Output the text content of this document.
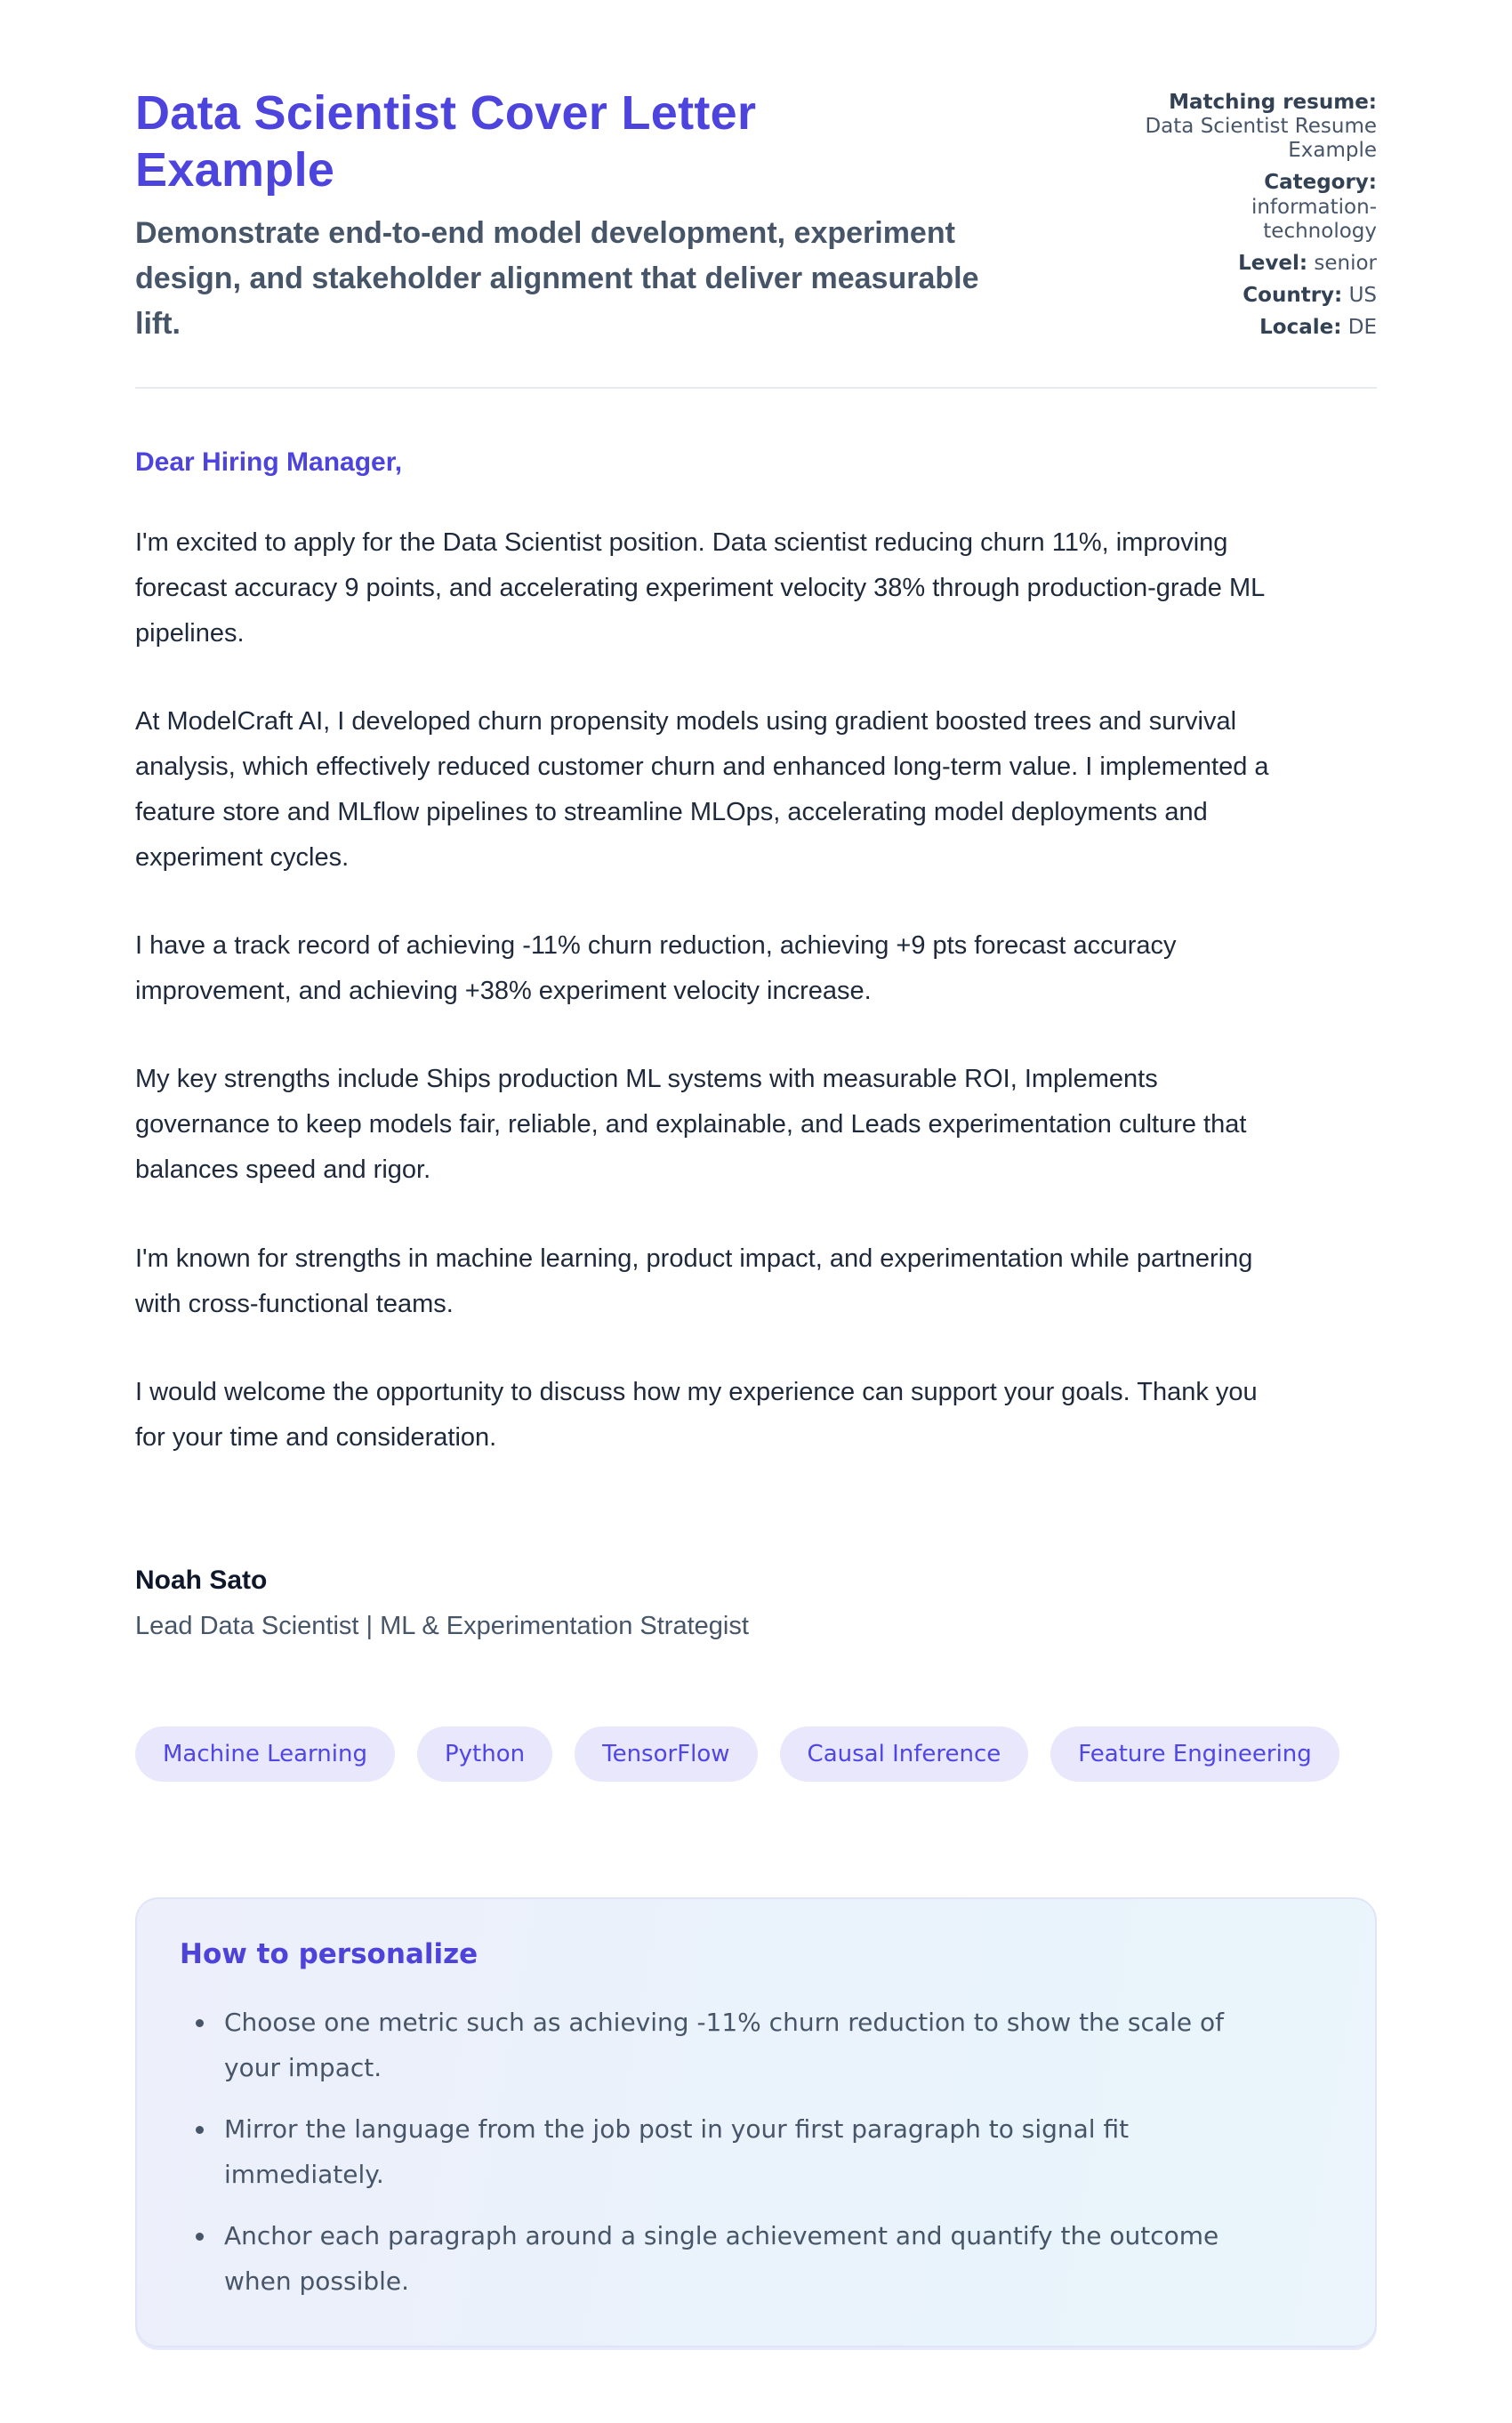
Data Scientist Cover Letter Example

Demonstrate end-to-end model development, experiment design, and stakeholder alignment that deliver measurable lift.

Matching resume: Data Scientist Resume Example
Category: information-technology
Level: senior
Country: US
Locale: DE

Dear Hiring Manager,

I'm excited to apply for the Data Scientist position. Data scientist reducing churn 11%, improving forecast accuracy 9 points, and accelerating experiment velocity 38% through production-grade ML pipelines.

At ModelCraft AI, I developed churn propensity models using gradient boosted trees and survival analysis, which effectively reduced customer churn and enhanced long-term value. I implemented a feature store and MLflow pipelines to streamline MLOps, accelerating model deployments and experiment cycles.

I have a track record of achieving -11% churn reduction, achieving +9 pts forecast accuracy improvement, and achieving +38% experiment velocity increase.

My key strengths include Ships production ML systems with measurable ROI, Implements governance to keep models fair, reliable, and explainable, and Leads experimentation culture that balances speed and rigor.

I'm known for strengths in machine learning, product impact, and experimentation while partnering with cross-functional teams.

I would welcome the opportunity to discuss how my experience can support your goals. Thank you for your time and consideration.

Noah Sato

Lead Data Scientist | ML & Experimentation Strategist

Machine Learning	Python	TensorFlow	Causal Inference	Feature Engineering
How to personalize
• Choose one metric such as achieving -11% churn reduction to show the scale of your impact.
• Mirror the language from the job post in your first paragraph to signal fit immediately.
• Anchor each paragraph around a single achievement and quantify the outcome when possible.
